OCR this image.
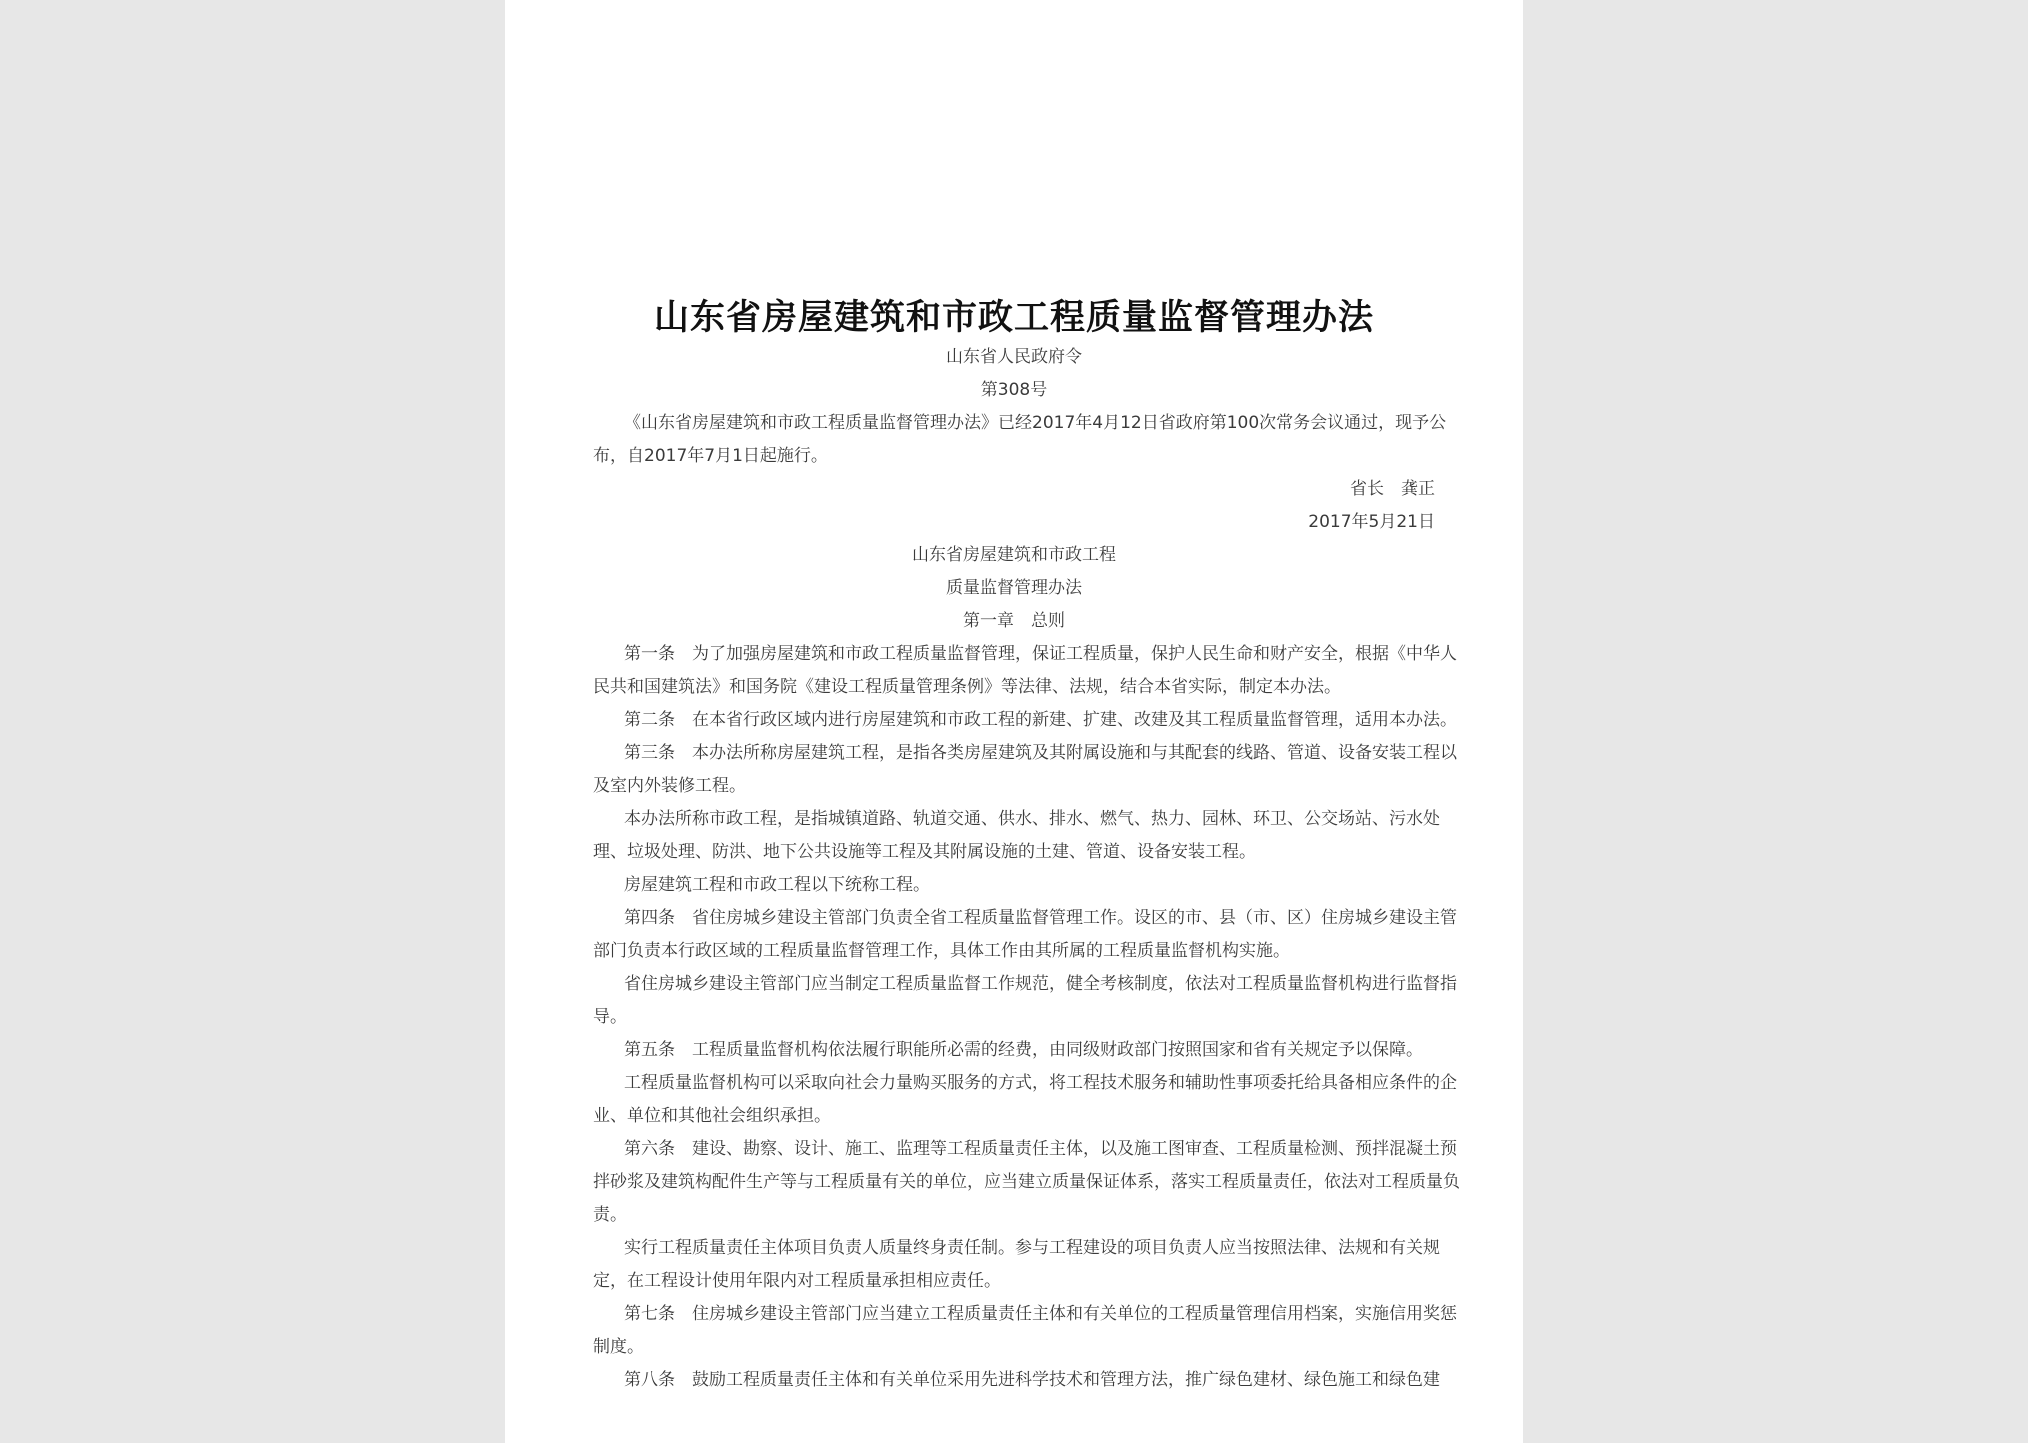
山东省房屋建筑和市政工程质量监督管理办法
山东省人民政府令
第308号
《山东省房屋建筑和市政工程质量监督管理办法》已经2017年4月12日省政府第100次常务会议通过，现予公
布，自2017年7月1日起施行。
省长　龚正
2017年5月21日
山东省房屋建筑和市政工程
质量监督管理办法
第一章　总则
第一条　为了加强房屋建筑和市政工程质量监督管理，保证工程质量，保护人民生命和财产安全，根据《中华人
民共和国建筑法》和国务院《建设工程质量管理条例》等法律、法规，结合本省实际，制定本办法。
第二条　在本省行政区域内进行房屋建筑和市政工程的新建、扩建、改建及其工程质量监督管理，适用本办法。
第三条　本办法所称房屋建筑工程，是指各类房屋建筑及其附属设施和与其配套的线路、管道、设备安装工程以
及室内外装修工程。
本办法所称市政工程，是指城镇道路、轨道交通、供水、排水、燃气、热力、园林、环卫、公交场站、污水处
理、垃圾处理、防洪、地下公共设施等工程及其附属设施的土建、管道、设备安装工程。
房屋建筑工程和市政工程以下统称工程。
第四条　省住房城乡建设主管部门负责全省工程质量监督管理工作。设区的市、县（市、区）住房城乡建设主管
部门负责本行政区域的工程质量监督管理工作，具体工作由其所属的工程质量监督机构实施。
省住房城乡建设主管部门应当制定工程质量监督工作规范，健全考核制度，依法对工程质量监督机构进行监督指
导。
第五条　工程质量监督机构依法履行职能所必需的经费，由同级财政部门按照国家和省有关规定予以保障。
工程质量监督机构可以采取向社会力量购买服务的方式，将工程技术服务和辅助性事项委托给具备相应条件的企
业、单位和其他社会组织承担。
第六条　建设、勘察、设计、施工、监理等工程质量责任主体，以及施工图审查、工程质量检测、预拌混凝土预
拌砂浆及建筑构配件生产等与工程质量有关的单位，应当建立质量保证体系，落实工程质量责任，依法对工程质量负
责。
实行工程质量责任主体项目负责人质量终身责任制。参与工程建设的项目负责人应当按照法律、法规和有关规
定，在工程设计使用年限内对工程质量承担相应责任。
第七条　住房城乡建设主管部门应当建立工程质量责任主体和有关单位的工程质量管理信用档案，实施信用奖惩
制度。
第八条　鼓励工程质量责任主体和有关单位采用先进科学技术和管理方法，推广绿色建材、绿色施工和绿色建
